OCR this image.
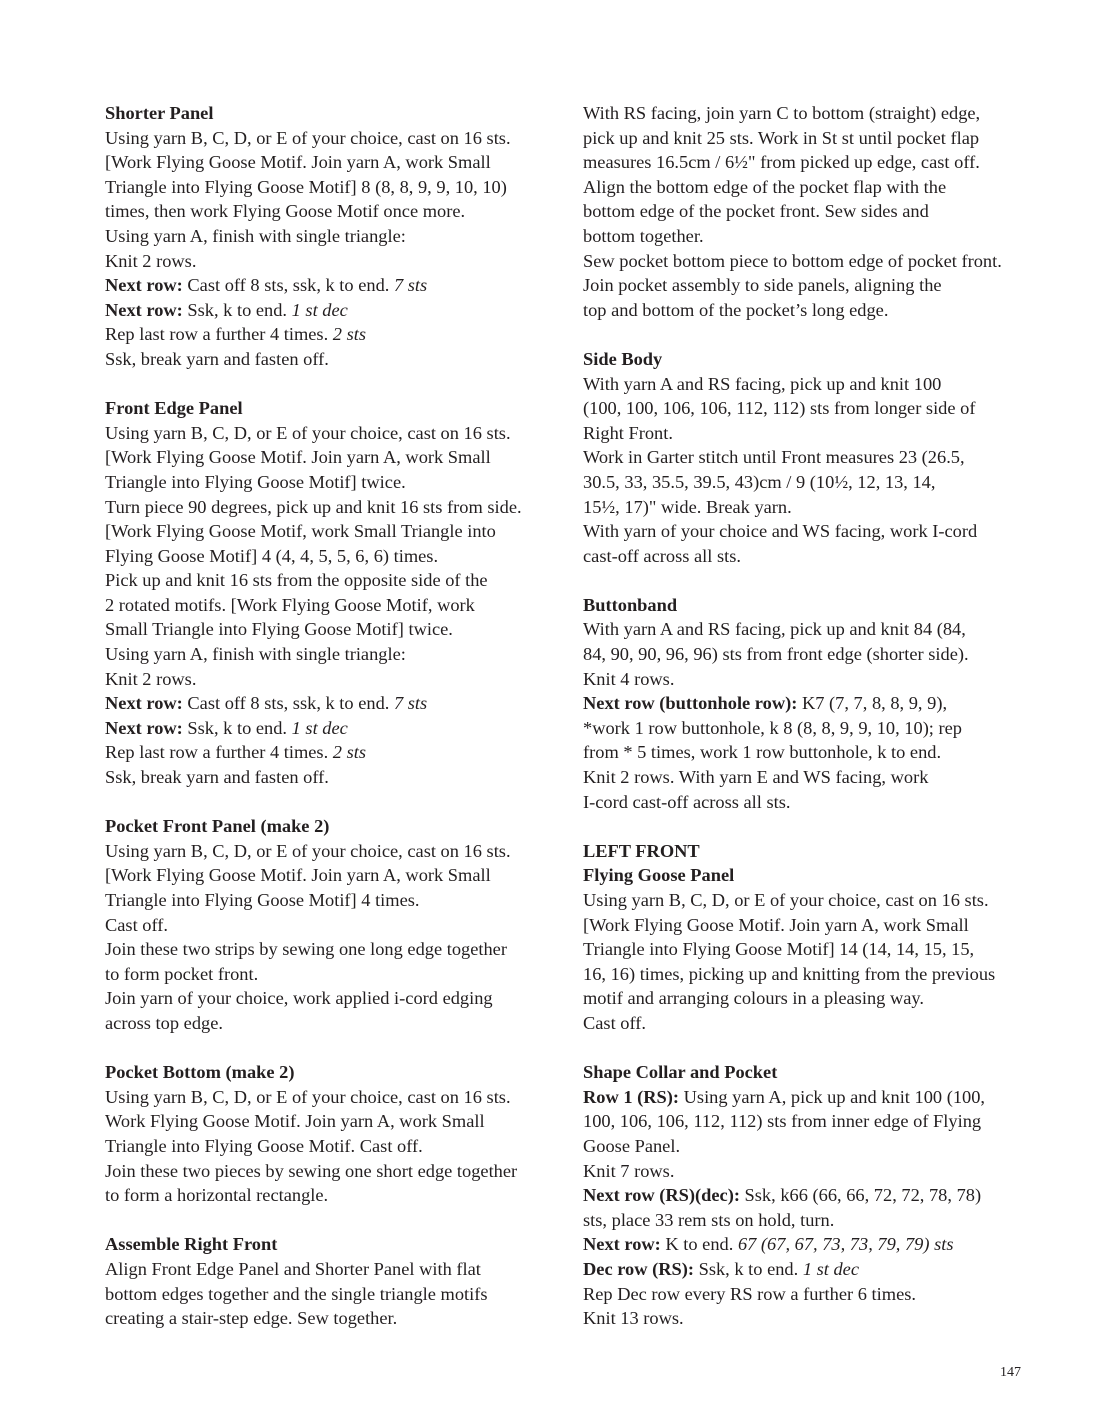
Shorter Panel
Using yarn B, C, D, or E of your choice, cast on 16 sts.
[Work Flying Goose Motif. Join yarn A, work Small
Triangle into Flying Goose Motif] 8 (8, 8, 9, 9, 10, 10)
times, then work Flying Goose Motif once more.
Using yarn A, finish with single triangle:
Knit 2 rows.
Next row: Cast off 8 sts, ssk, k to end. 7 sts
Next row: Ssk, k to end. 1 st dec
Rep last row a further 4 times. 2 sts
Ssk, break yarn and fasten off.
Front Edge Panel
Using yarn B, C, D, or E of your choice, cast on 16 sts.
[Work Flying Goose Motif. Join yarn A, work Small
Triangle into Flying Goose Motif] twice.
Turn piece 90 degrees, pick up and knit 16 sts from side.
[Work Flying Goose Motif, work Small Triangle into
Flying Goose Motif] 4 (4, 4, 5, 5, 6, 6) times.
Pick up and knit 16 sts from the opposite side of the
2 rotated motifs. [Work Flying Goose Motif, work
Small Triangle into Flying Goose Motif] twice.
Using yarn A, finish with single triangle:
Knit 2 rows.
Next row: Cast off 8 sts, ssk, k to end. 7 sts
Next row: Ssk, k to end. 1 st dec
Rep last row a further 4 times. 2 sts
Ssk, break yarn and fasten off.
Pocket Front Panel (make 2)
Using yarn B, C, D, or E of your choice, cast on 16 sts.
[Work Flying Goose Motif. Join yarn A, work Small
Triangle into Flying Goose Motif] 4 times.
Cast off.
Join these two strips by sewing one long edge together
to form pocket front.
Join yarn of your choice, work applied i-cord edging
across top edge.
Pocket Bottom (make 2)
Using yarn B, C, D, or E of your choice, cast on 16 sts.
Work Flying Goose Motif. Join yarn A, work Small
Triangle into Flying Goose Motif. Cast off.
Join these two pieces by sewing one short edge together
to form a horizontal rectangle.
Assemble Right Front
Align Front Edge Panel and Shorter Panel with flat
bottom edges together and the single triangle motifs
creating a stair-step edge. Sew together.
With RS facing, join yarn C to bottom (straight) edge,
pick up and knit 25 sts. Work in St st until pocket flap
measures 16.5cm / 6½" from picked up edge, cast off.
Align the bottom edge of the pocket flap with the
bottom edge of the pocket front. Sew sides and
bottom together.
Sew pocket bottom piece to bottom edge of pocket front.
Join pocket assembly to side panels, aligning the
top and bottom of the pocket’s long edge.
Side Body
With yarn A and RS facing, pick up and knit 100
(100, 100, 106, 106, 112, 112) sts from longer side of
Right Front.
Work in Garter stitch until Front measures 23 (26.5,
30.5, 33, 35.5, 39.5, 43)cm / 9 (10½, 12, 13, 14,
15½, 17)" wide. Break yarn.
With yarn of your choice and WS facing, work I-cord
cast-off across all sts.
Buttonband
With yarn A and RS facing, pick up and knit 84 (84,
84, 90, 90, 96, 96) sts from front edge (shorter side).
Knit 4 rows.
Next row (buttonhole row): K7 (7, 7, 8, 8, 9, 9),
*work 1 row buttonhole, k 8 (8, 8, 9, 9, 10, 10); rep
from * 5 times, work 1 row buttonhole, k to end.
Knit 2 rows. With yarn E and WS facing, work
I-cord cast-off across all sts.
LEFT FRONT
Flying Goose Panel
Using yarn B, C, D, or E of your choice, cast on 16 sts.
[Work Flying Goose Motif. Join yarn A, work Small
Triangle into Flying Goose Motif] 14 (14, 14, 15, 15,
16, 16) times, picking up and knitting from the previous
motif and arranging colours in a pleasing way.
Cast off.
Shape Collar and Pocket
Row 1 (RS): Using yarn A, pick up and knit 100 (100,
100, 106, 106, 112, 112) sts from inner edge of Flying
Goose Panel.
Knit 7 rows.
Next row (RS)(dec): Ssk, k66 (66, 66, 72, 72, 78, 78)
sts, place 33 rem sts on hold, turn.
Next row: K to end. 67 (67, 67, 73, 73, 79, 79) sts
Dec row (RS): Ssk, k to end. 1 st dec
Rep Dec row every RS row a further 6 times.
Knit 13 rows.
147
